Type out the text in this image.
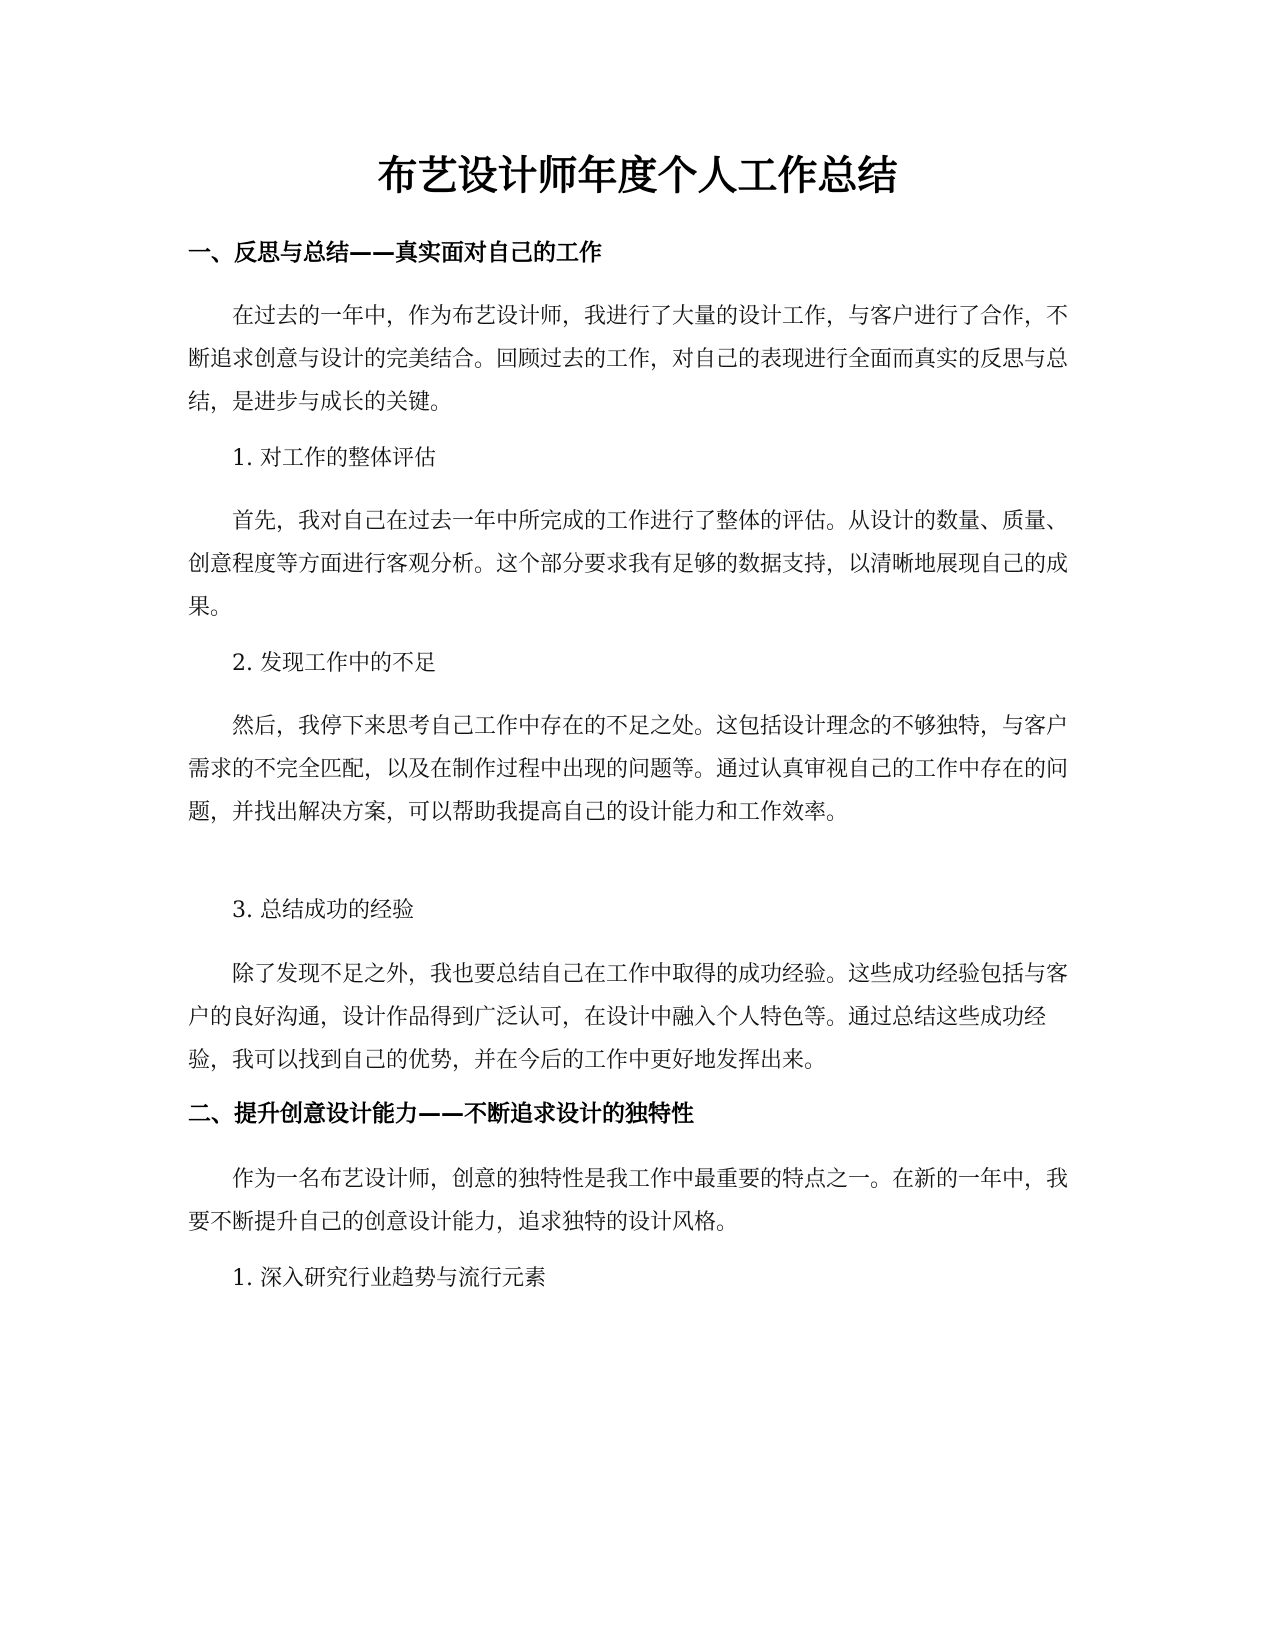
布艺设计师年度个人工作总结
一、反思与总结——真实面对自己的工作

在过去的一年中，作为布艺设计师，我进行了大量的设计工作，与客户进行了合作，不断追求创意与设计的完美结合。回顾过去的工作，对自己的表现进行全面而真实的反思与总结，是进步与成长的关键。

1. 对工作的整体评估

首先，我对自己在过去一年中所完成的工作进行了整体的评估。从设计的数量、质量、创意程度等方面进行客观分析。这个部分要求我有足够的数据支持，以清晰地展现自己的成果。

2. 发现工作中的不足

然后，我停下来思考自己工作中存在的不足之处。这包括设计理念的不够独特，与客户需求的不完全匹配，以及在制作过程中出现的问题等。通过认真审视自己的工作中存在的问题，并找出解决方案，可以帮助我提高自己的设计能力和工作效率。

3. 总结成功的经验

除了发现不足之外，我也要总结自己在工作中取得的成功经验。这些成功经验包括与客户的良好沟通，设计作品得到广泛认可，在设计中融入个人特色等。通过总结这些成功经验，我可以找到自己的优势，并在今后的工作中更好地发挥出来。

二、提升创意设计能力——不断追求设计的独特性

作为一名布艺设计师，创意的独特性是我工作中最重要的特点之一。在新的一年中，我要不断提升自己的创意设计能力，追求独特的设计风格。

1. 深入研究行业趋势与流行元素
